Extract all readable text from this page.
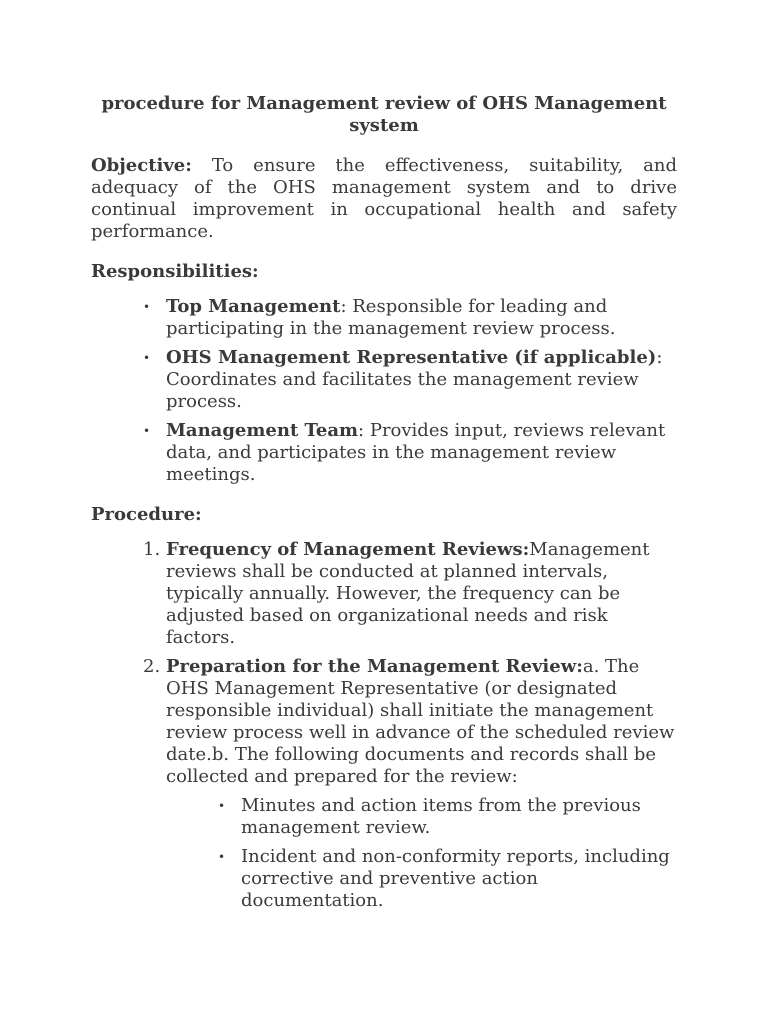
procedure for Management review of OHS Management system

Objective: To ensure the effectiveness, suitability, and adequacy of the OHS management system and to drive continual improvement in occupational health and safety performance.

Responsibilities:

• Top Management: Responsible for leading and participating in the management review process.
• OHS Management Representative (if applicable): Coordinates and facilitates the management review process.
• Management Team: Provides input, reviews relevant data, and participates in the management review meetings.

Procedure:

1. Frequency of Management Reviews:Management reviews shall be conducted at planned intervals, typically annually. However, the frequency can be adjusted based on organizational needs and risk factors.
2. Preparation for the Management Review:a. The OHS Management Representative (or designated responsible individual) shall initiate the management review process well in advance of the scheduled review date.b. The following documents and records shall be collected and prepared for the review:
• Minutes and action items from the previous management review.
• Incident and non-conformity reports, including corrective and preventive action documentation.
